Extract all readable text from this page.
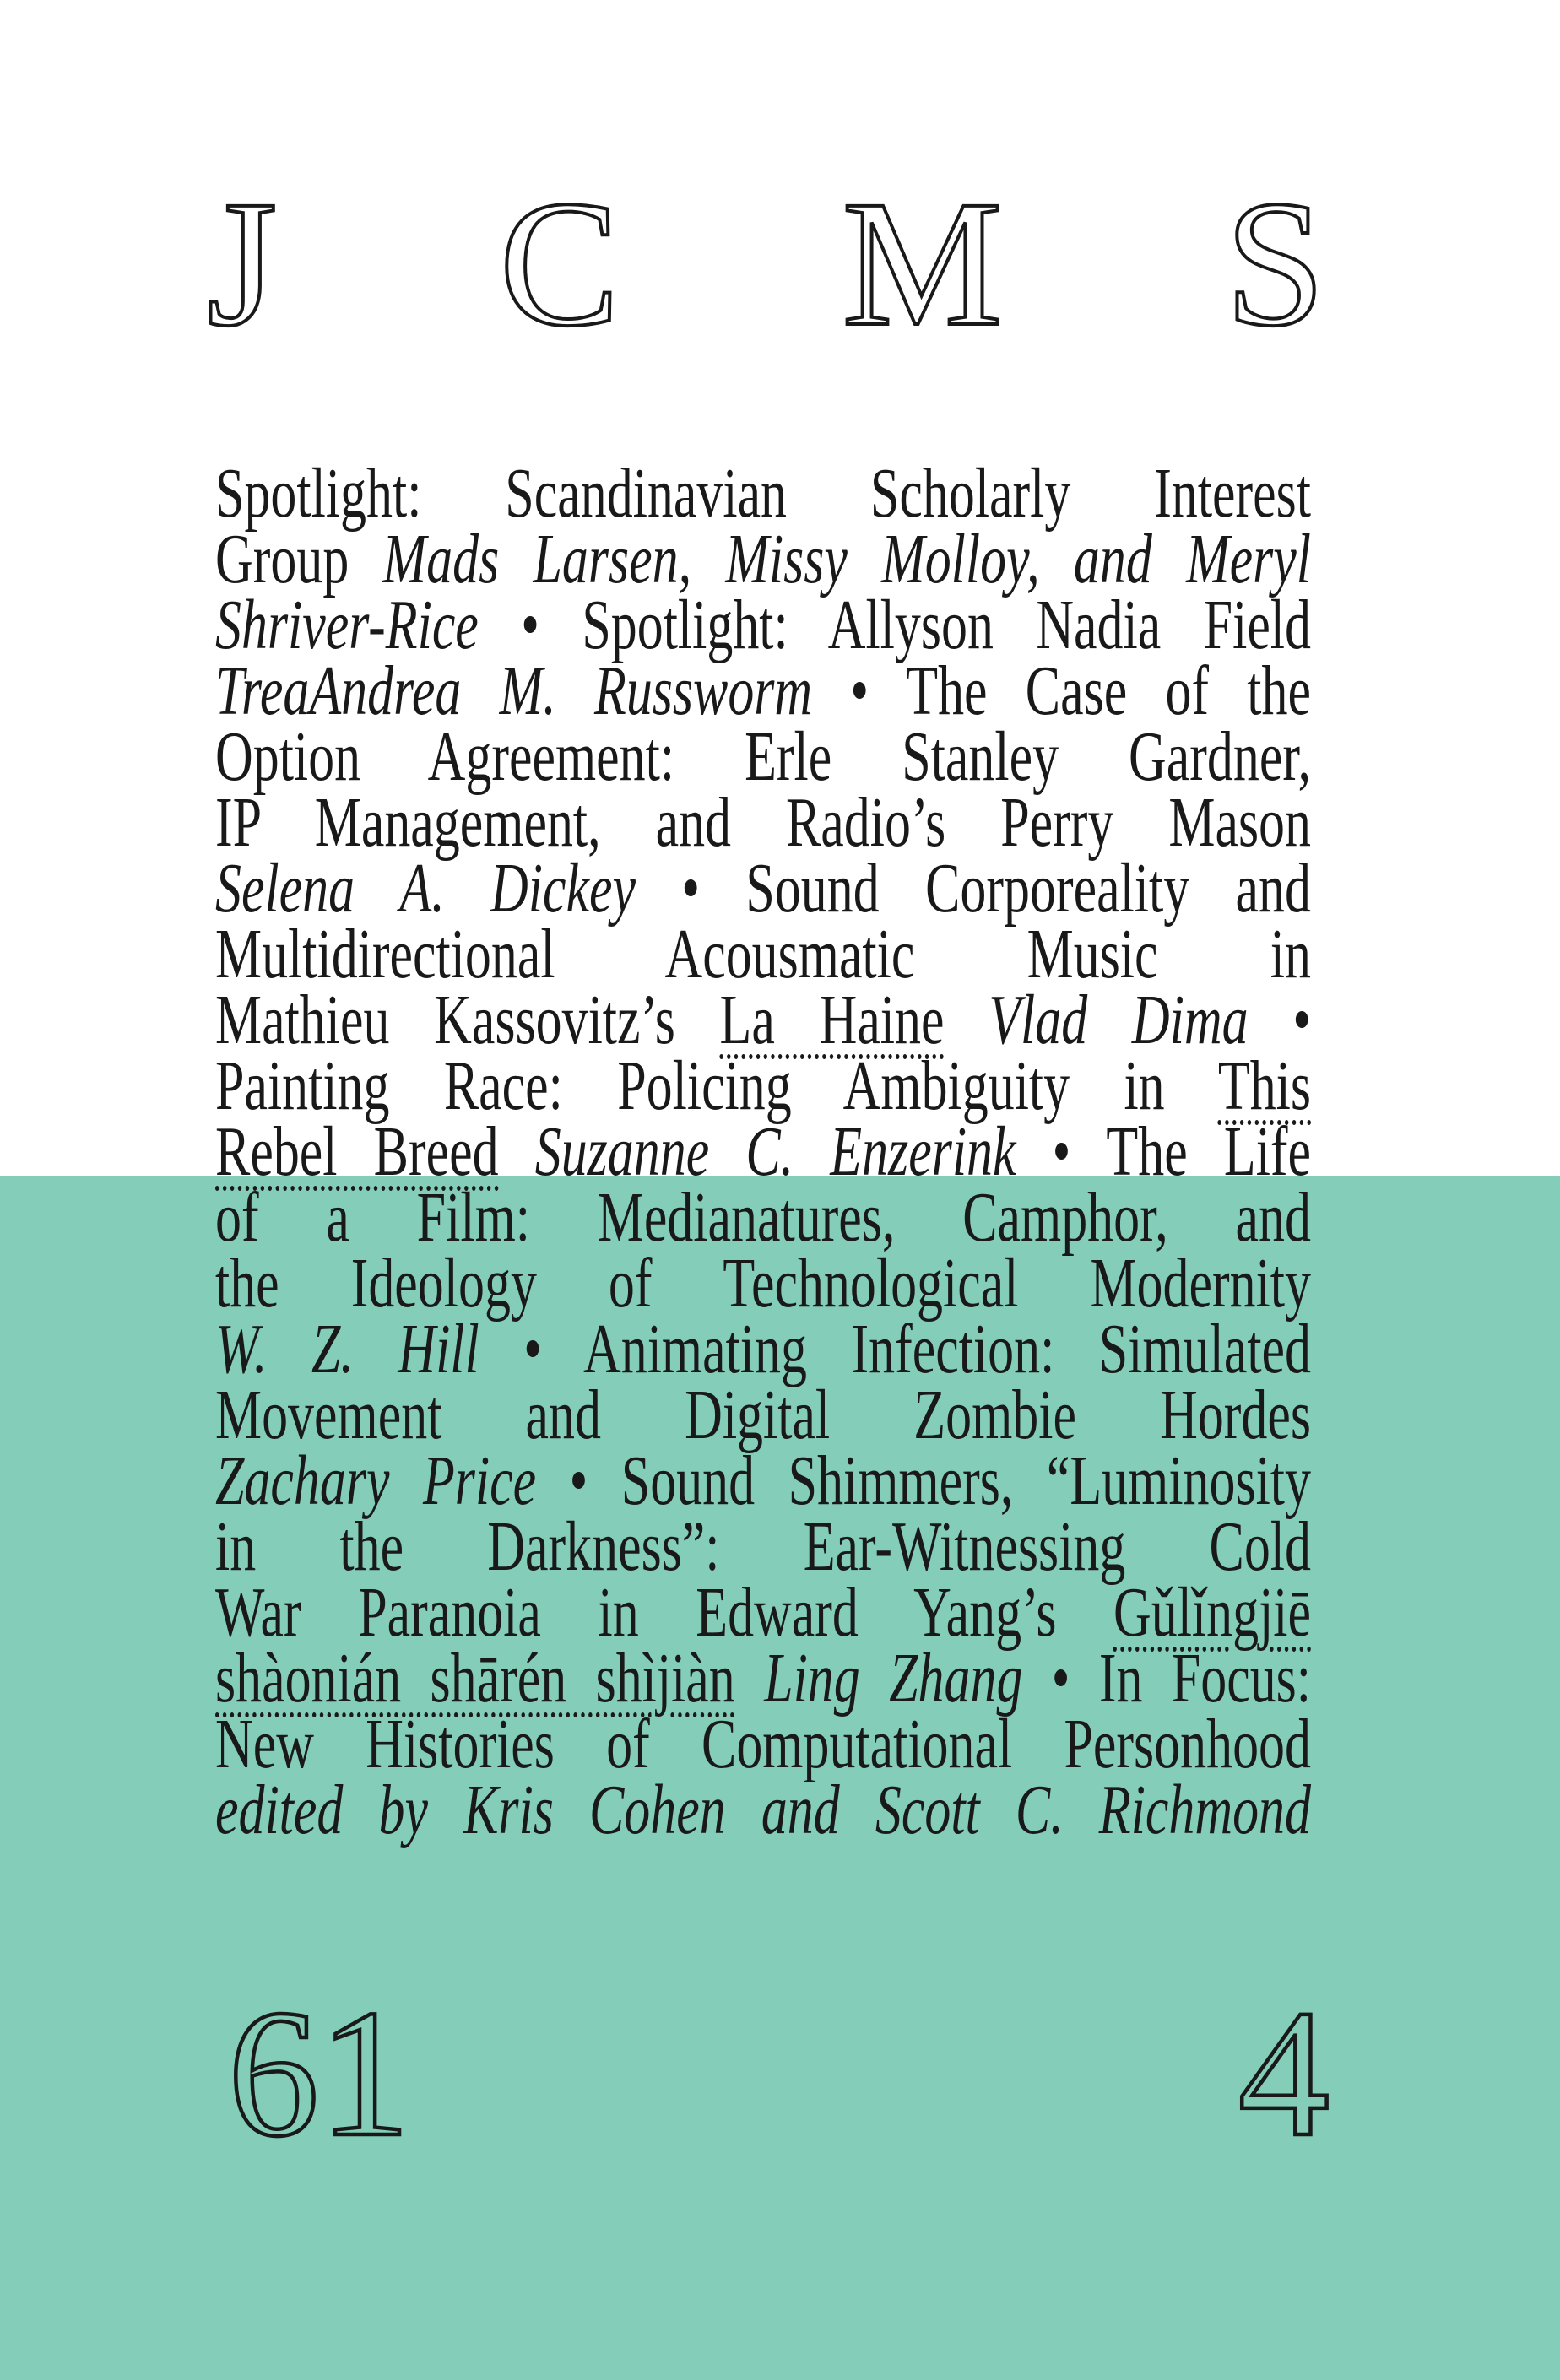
J C M S
Spotlight: Scandinavian Scholarly Interest
Group Mads Larsen, Missy Molloy, and Meryl
Shriver-Rice • Spotlight: Allyson Nadia Field
TreaAndrea M. Russworm • The Case of the
Option Agreement: Erle Stanley Gardner,
IP Management, and Radio’s Perry Mason
Selena A. Dickey • Sound Corporeality and
Multidirectional Acousmatic Music in
Mathieu Kassovitz’s La Haine Vlad Dima •
Painting Race: Policing Ambiguity in This
Rebel Breed Suzanne C. Enzerink • The Life
of a Film: Medianatures, Camphor, and
the Ideology of Technological Modernity
W. Z. Hill • Animating Infection: Simulated
Movement and Digital Zombie Hordes
Zachary Price • Sound Shimmers, “Luminosity
in the Darkness”: Ear-Witnessing Cold
War Paranoia in Edward Yang’s Gǔlǐngjiē
shàonián shārén shìjiàn Ling Zhang • In Focus:
New Histories of Computational Personhood
edited by Kris Cohen and Scott C. Richmond
61	4
